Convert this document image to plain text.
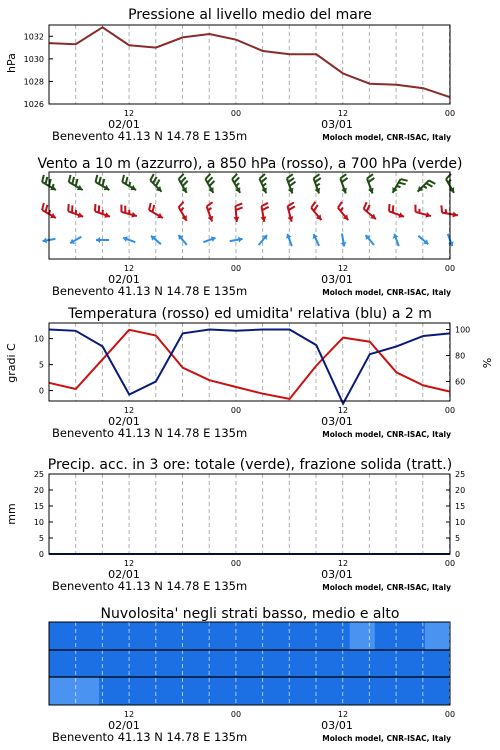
Pressione al livello medio del mare
hPa
1026
1028
1030
1032
12	00	12	00
02/01	03/01
Benevento 41.13 N 14.78 E 135m	Moloch model, CNR-ISAC, Italy
Vento a 10 m (azzurro), a 850 hPa (rosso), a 700 hPa (verde)
12	00	12	00
02/01	03/01
Benevento 41.13 N 14.78 E 135m	Moloch model, CNR-ISAC, Italy
Temperatura (rosso) ed umidita' relativa (blu) a 2 m
gradi C	%
0
5
10
60
80
100
12	00	12	00
02/01	03/01
Benevento 41.13 N 14.78 E 135m	Moloch model, CNR-ISAC, Italy
Precip. acc. in 3 ore: totale (verde), frazione solida (tratt.)
mm
0
5
10
15
20
25
0
5
10
15
20
25
12	00	12	00
02/01	03/01
Benevento 41.13 N 14.78 E 135m	Moloch model, CNR-ISAC, Italy
Nuvolosita' negli strati basso, medio e alto
12	00	12	00
02/01	03/01
Benevento 41.13 N 14.78 E 135m	Moloch model, CNR-ISAC, Italy
